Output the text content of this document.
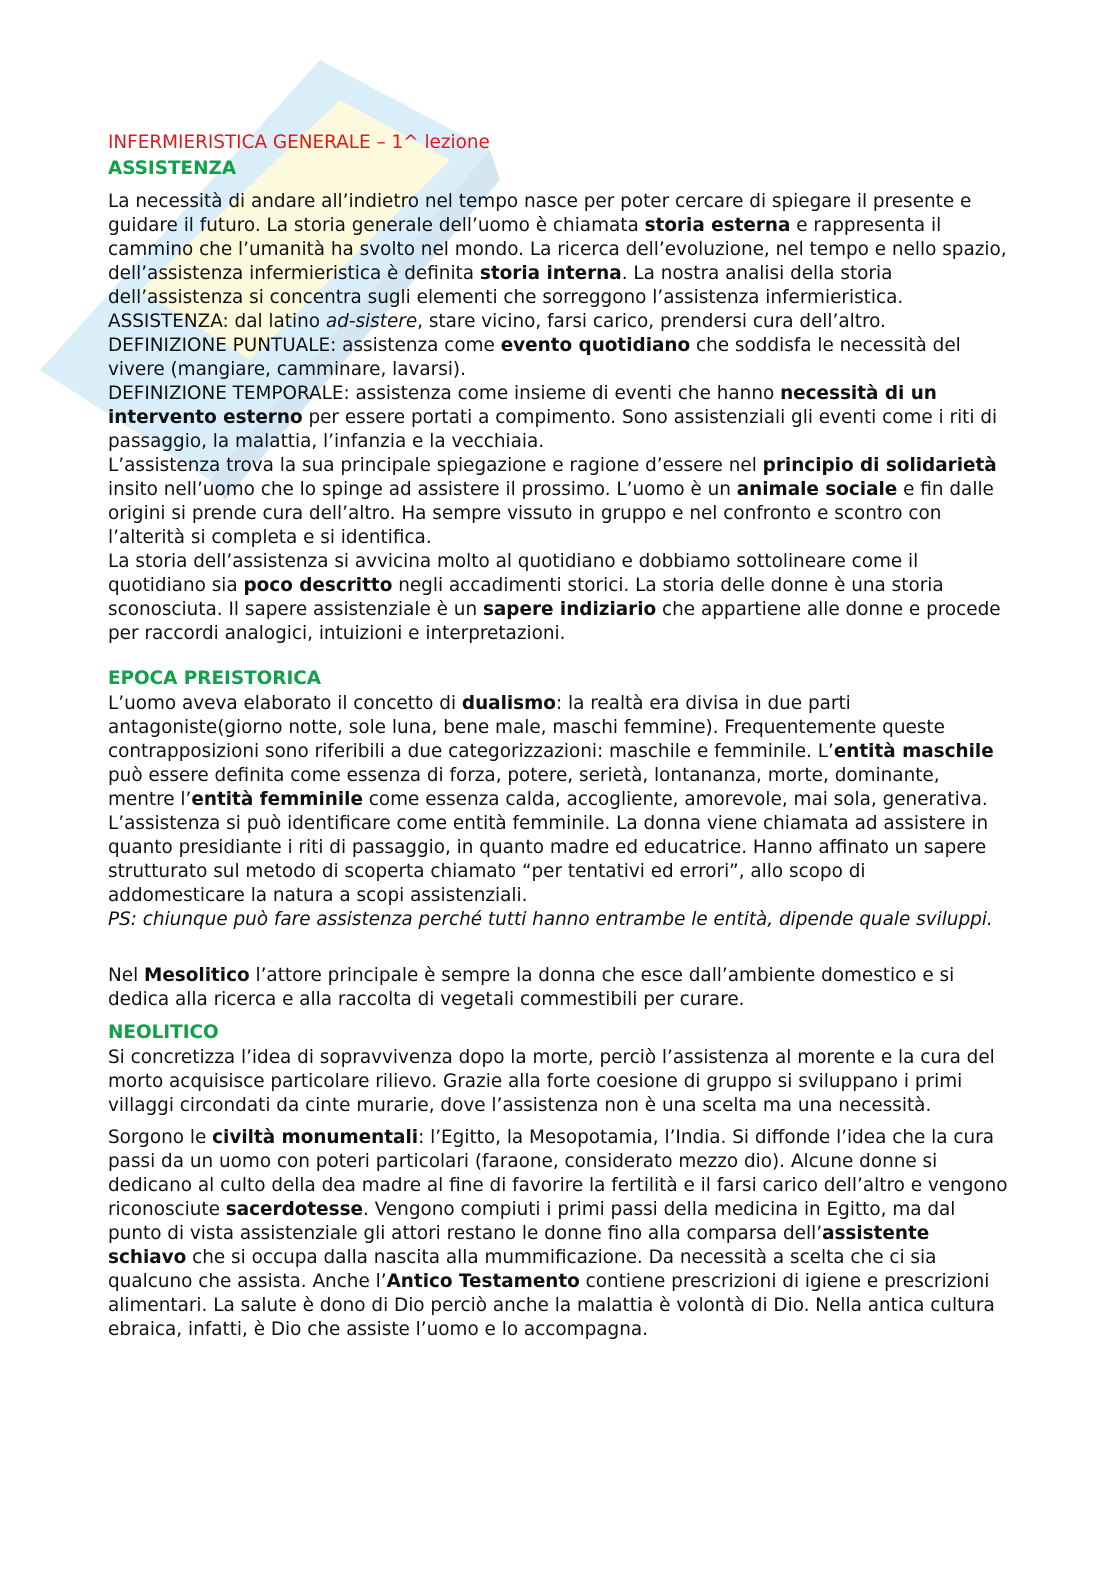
INFERMIERISTICA GENERALE – 1^ lezione
ASSISTENZA

La necessità di andare all’indietro nel tempo nasce per poter cercare di spiegare il presente e guidare il futuro. La storia generale dell’uomo è chiamata storia esterna e rappresenta il cammino che l’umanità ha svolto nel mondo. La ricerca dell’evoluzione, nel tempo e nello spazio, dell’assistenza infermieristica è definita storia interna. La nostra analisi della storia dell’assistenza si concentra sugli elementi che sorreggono l’assistenza infermieristica.

ASSISTENZA: dal latino ad-sistere, stare vicino, farsi carico, prendersi cura dell’altro.

DEFINIZIONE PUNTUALE: assistenza come evento quotidiano che soddisfa le necessità del vivere (mangiare, camminare, lavarsi).

DEFINIZIONE TEMPORALE: assistenza come insieme di eventi che hanno necessità di un intervento esterno per essere portati a compimento. Sono assistenziali gli eventi come i riti di passaggio, la malattia, l’infanzia e la vecchiaia.

L’assistenza trova la sua principale spiegazione e ragione d’essere nel principio di solidarietà insito nell’uomo che lo spinge ad assistere il prossimo. L’uomo è un animale sociale e fin dalle origini si prende cura dell’altro. Ha sempre vissuto in gruppo e nel confronto e scontro con l’alterità si completa e si identifica.

La storia dell’assistenza si avvicina molto al quotidiano e dobbiamo sottolineare come il quotidiano sia poco descritto negli accadimenti storici. La storia delle donne è una storia sconosciuta. Il sapere assistenziale è un sapere indiziario che appartiene alle donne e procede per raccordi analogici, intuizioni e interpretazioni.

EPOCA PREISTORICA

L’uomo aveva elaborato il concetto di dualismo: la realtà era divisa in due parti antagoniste(giorno notte, sole luna, bene male, maschi femmine). Frequentemente queste contrapposizioni sono riferibili a due categorizzazioni: maschile e femminile. L’entità maschile può essere definita come essenza di forza, potere, serietà, lontananza, morte, dominante, mentre l’entità femminile come essenza calda, accogliente, amorevole, mai sola, generativa. L’assistenza si può identificare come entità femminile. La donna viene chiamata ad assistere in quanto presidiante i riti di passaggio, in quanto madre ed educatrice. Hanno affinato un sapere strutturato sul metodo di scoperta chiamato “per tentativi ed errori”, allo scopo di addomesticare la natura a scopi assistenziali.

PS: chiunque può fare assistenza perché tutti hanno entrambe le entità, dipende quale sviluppi.

Nel Mesolitico l’attore principale è sempre la donna che esce dall’ambiente domestico e si dedica alla ricerca e alla raccolta di vegetali commestibili per curare.

NEOLITICO

Si concretizza l’idea di sopravvivenza dopo la morte, perciò l’assistenza al morente e la cura del morto acquisisce particolare rilievo. Grazie alla forte coesione di gruppo si sviluppano i primi villaggi circondati da cinte murarie, dove l’assistenza non è una scelta ma una necessità.

Sorgono le civiltà monumentali: l’Egitto, la Mesopotamia, l’India. Si diffonde l’idea che la cura passi da un uomo con poteri particolari (faraone, considerato mezzo dio). Alcune donne si dedicano al culto della dea madre al fine di favorire la fertilità e il farsi carico dell’altro e vengono riconosciute sacerdotesse. Vengono compiuti i primi passi della medicina in Egitto, ma dal punto di vista assistenziale gli attori restano le donne fino alla comparsa dell’assistente schiavo che si occupa dalla nascita alla mummificazione. Da necessità a scelta che ci sia qualcuno che assista. Anche l’Antico Testamento contiene prescrizioni di igiene e prescrizioni alimentari. La salute è dono di Dio perciò anche la malattia è volontà di Dio. Nella antica cultura ebraica, infatti, è Dio che assiste l’uomo e lo accompagna.
